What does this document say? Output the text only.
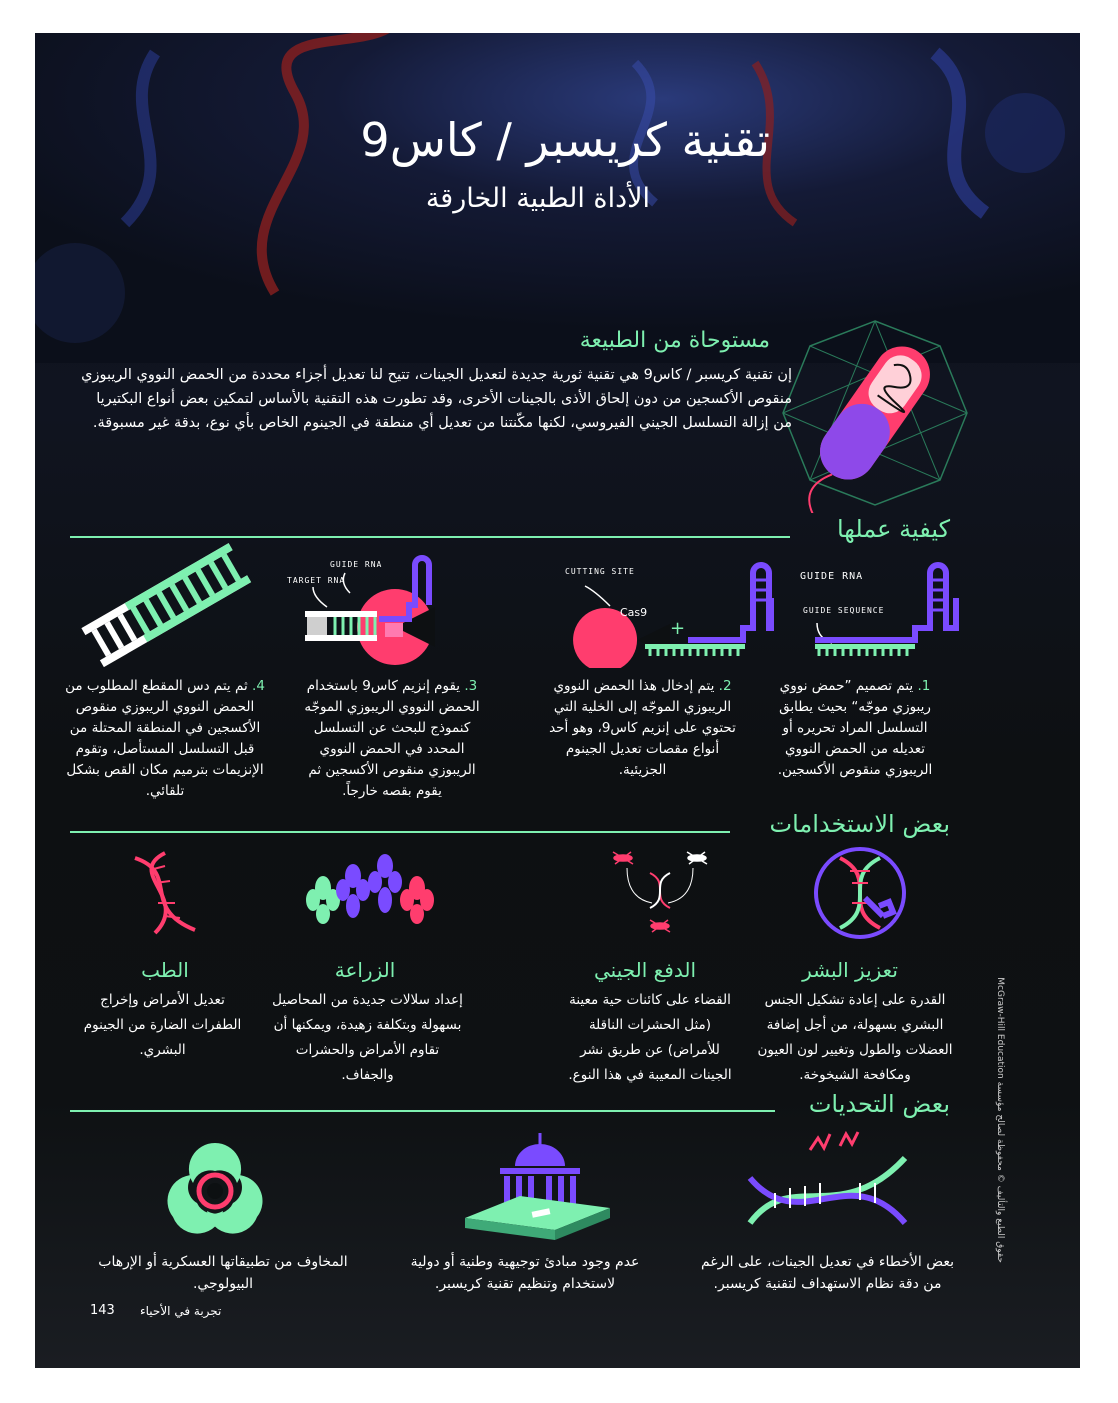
تقنية كريسبر / كاس9
الأداة الطبية الخارقة
مستوحاة من الطبيعة
إن تقنية كريسبر / كاس9 هي تقنية ثورية جديدة لتعديل الجينات، تتيح لنا تعديل أجزاء محددة من الحمض النووي الريبوزي منقوص الأكسجين من دون إلحاق الأذى بالجينات الأخرى، وقد تطورت هذه التقنية بالأساس لتمكين بعض أنواع البكتيريا من إزالة التسلسل الجيني الفيروسي، لكنها مكّنتنا من تعديل أي منطقة في الجينوم الخاص بأي نوع، بدقة غير مسبوقة.
كيفية عملها
GUIDE RNA
GUIDE SEQUENCE
CUTTING SITE
Cas9
+
GUIDE RNA
TARGET RNA
1. يتم تصميم ”حمض نووي ريبوزي موجّه“ بحيث يطابق التسلسل المراد تحريره أو تعديله من الحمض النووي الريبوزي منقوص الأكسجين.
2. يتم إدخال هذا الحمض النووي الريبوزي الموجّه إلى الخلية التي تحتوي على إنزيم كاس9، وهو أحد أنواع مقصات تعديل الجينوم الجزيئية.
3. يقوم إنزيم كاس9 باستخدام الحمض النووي الريبوزي الموجّه كنموذج للبحث عن التسلسل المحدد في الحمض النووي الريبوزي منقوص الأكسجين ثم يقوم بقصه خارجاً.
4. ثم يتم دس المقطع المطلوب من الحمض النووي الريبوزي منقوص الأكسجين في المنطقة المحتلة من قبل التسلسل المستأصل، وتقوم الإنزيمات بترميم مكان القص بشكل تلقائي.
بعض الاستخدامات
تعزيز البشر
القدرة على إعادة تشكيل الجنس البشري بسهولة، من أجل إضافة العضلات والطول وتغيير لون العيون ومكافحة الشيخوخة.
الدفع الجيني
القضاء على كائنات حية معينة (مثل الحشرات الناقلة للأمراض) عن طريق نشر الجينات المعيبة في هذا النوع.
الزراعة
إعداد سلالات جديدة من المحاصيل بسهولة وبتكلفة زهيدة، ويمكنها أن تقاوم الأمراض والحشرات والجفاف.
الطب
تعديل الأمراض وإخراج الطفرات الضارة من الجينوم البشري.
بعض التحديات
بعض الأخطاء في تعديل الجينات، على الرغم من دقة نظام الاستهداف لتقنية كريسبر.
عدم وجود مبادئ توجيهية وطنية أو دولية لاستخدام وتنظيم تقنية كريسبر.
المخاوف من تطبيقاتها العسكرية أو الإرهاب البيولوجي.
143 تجربة في الأحياء
حقوق الطبع والتأليف © محفوظة لصالح مؤسسة McGraw-Hill Education
